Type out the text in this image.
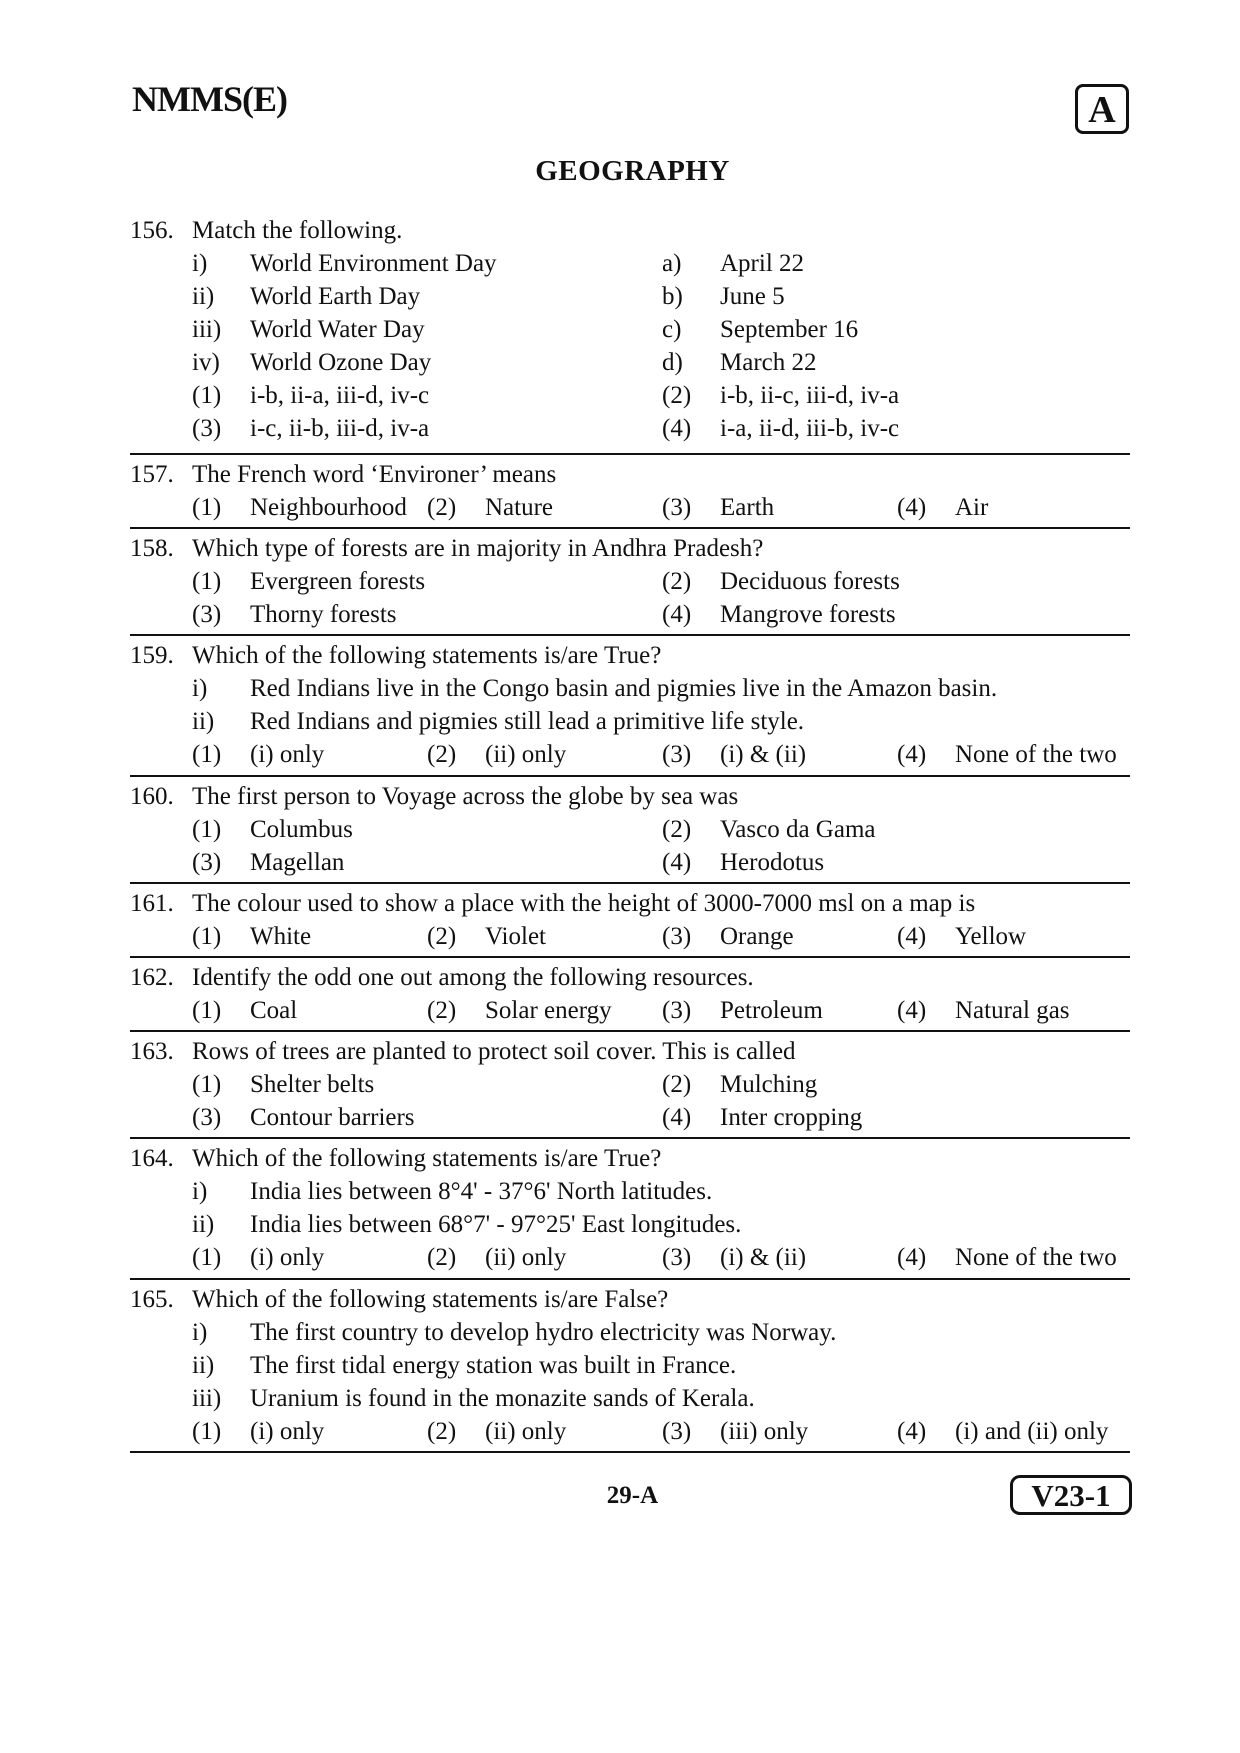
NMMS(E)	A
GEOGRAPHY
156. Match the following.
i) World Environment Day	a) April 22
ii) World Earth Day	b) June 5
iii) World Water Day	c) September 16
iv) World Ozone Day	d) March 22
(1) i-b, ii-a, iii-d, iv-c	(2) i-b, ii-c, iii-d, iv-a
(3) i-c, ii-b, iii-d, iv-a	(4) i-a, ii-d, iii-b, iv-c
157. The French word ‘Environer’ means
(1) Neighbourhood (2) Nature	(3) Earth	(4) Air
158. Which type of forests are in majority in Andhra Pradesh?
(1) Evergreen forests	(2) Deciduous forests
(3) Thorny forests	(4) Mangrove forests
159. Which of the following statements is/are True?
i) Red Indians live in the Congo basin and pigmies live in the Amazon basin.
ii) Red Indians and pigmies still lead a primitive life style.
(1) (i) only	(2) (ii) only	(3) (i) & (ii)	(4) None of the two
160. The first person to Voyage across the globe by sea was
(1) Columbus	(2) Vasco da Gama
(3) Magellan	(4) Herodotus
161. The colour used to show a place with the height of 3000-7000 msl on a map is
(1) White	(2) Violet	(3) Orange	(4) Yellow
162. Identify the odd one out among the following resources.
(1) Coal	(2) Solar energy (3) Petroleum	(4) Natural gas
163. Rows of trees are planted to protect soil cover. This is called
(1) Shelter belts	(2) Mulching
(3) Contour barriers	(4) Inter cropping
164. Which of the following statements is/are True?
i) India lies between 8°4' - 37°6' North latitudes.
ii) India lies between 68°7' - 97°25' East longitudes.
(1) (i) only	(2) (ii) only	(3) (i) & (ii)	(4) None of the two
165. Which of the following statements is/are False?
i) The first country to develop hydro electricity was Norway.
ii) The first tidal energy station was built in France.
iii) Uranium is found in the monazite sands of Kerala.
(1) (i) only	(2) (ii) only	(3) (iii) only	(4) (i) and (ii) only
29-A	V23-1
